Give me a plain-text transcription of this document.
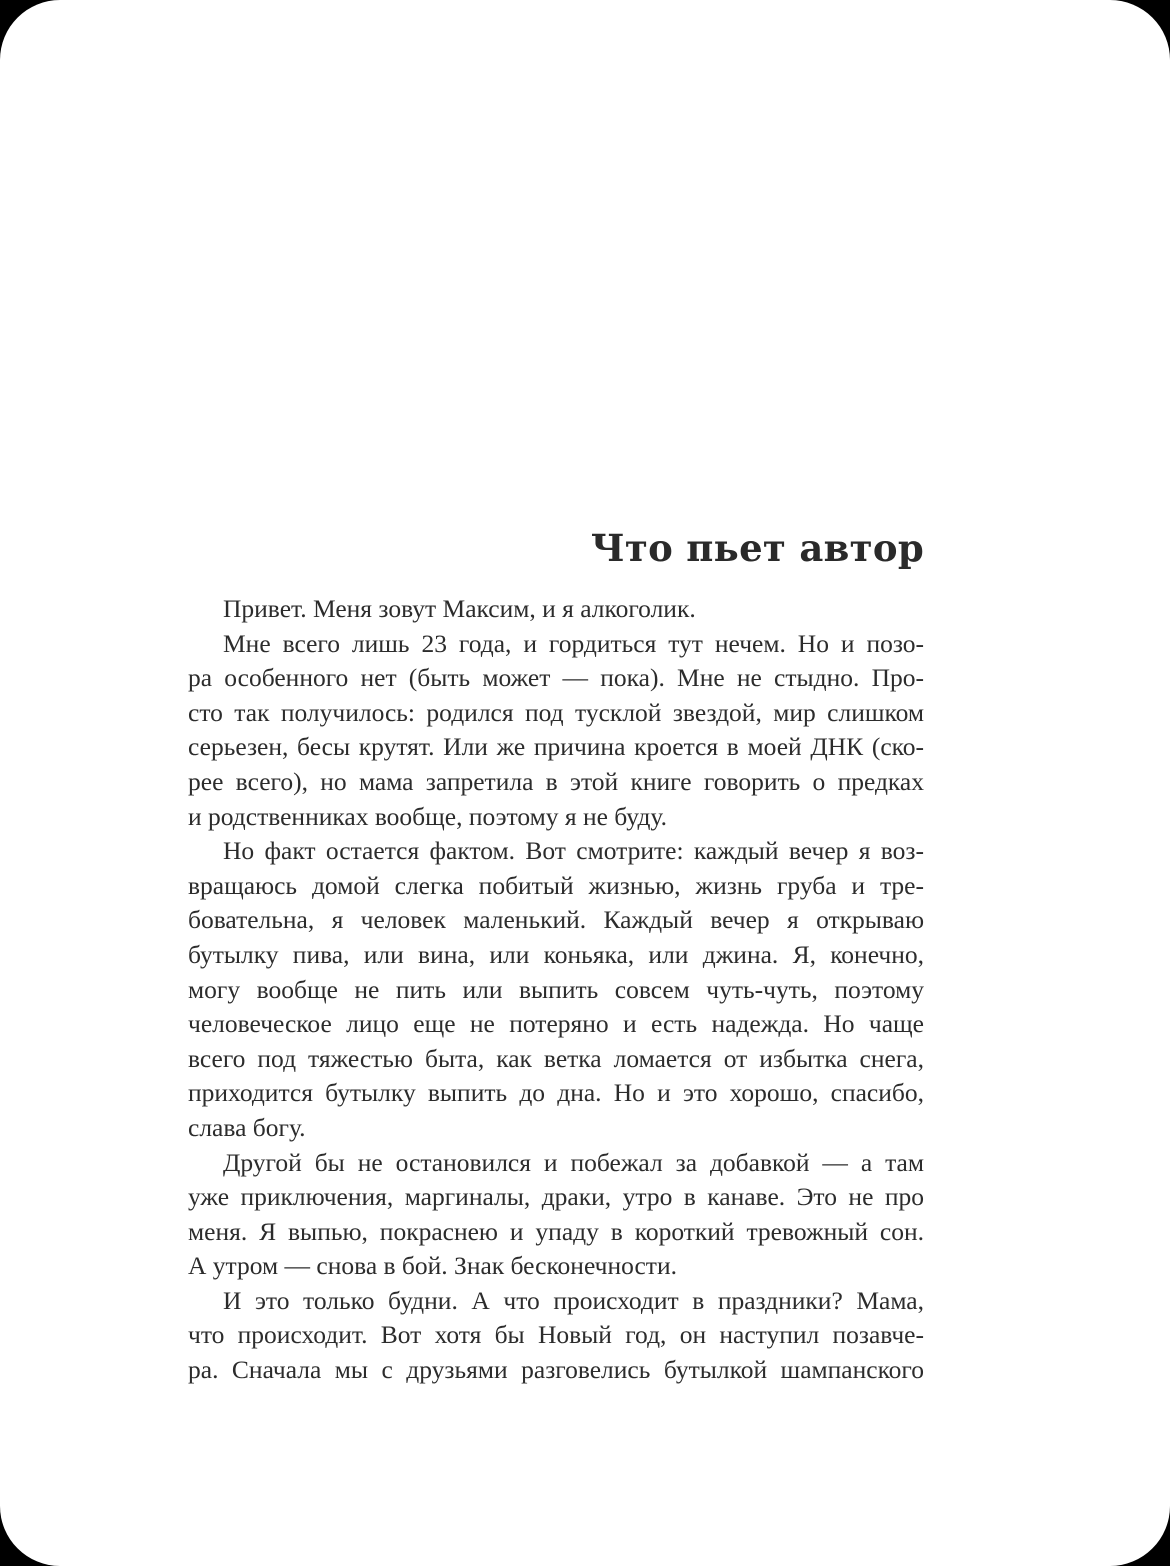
Что пьет автор
Привет. Меня зовут Максим, и я алкоголик.
Мне всего лишь 23 года, и гордиться тут нечем. Но и позо-
ра особенного нет (быть может — пока). Мне не стыдно. Про-
сто так получилось: родился под тусклой звездой, мир слишком
серьезен, бесы крутят. Или же причина кроется в моей ДНК (ско-
рее всего), но мама запретила в этой книге говорить о предках
и родственниках вообще, поэтому я не буду.
Но факт остается фактом. Вот смотрите: каждый вечер я воз-
вращаюсь домой слегка побитый жизнью, жизнь груба и тре-
бовательна, я человек маленький. Каждый вечер я открываю
бутылку пива, или вина, или коньяка, или джина. Я, конечно,
могу вообще не пить или выпить совсем чуть-чуть, поэтому
человеческое лицо еще не потеряно и есть надежда. Но чаще
всего под тяжестью быта, как ветка ломается от избытка снега,
приходится бутылку выпить до дна. Но и это хорошо, спасибо,
слава богу.
Другой бы не остановился и побежал за добавкой — а там
уже приключения, маргиналы, драки, утро в канаве. Это не про
меня. Я выпью, покраснею и упаду в короткий тревожный сон.
А утром — снова в бой. Знак бесконечности.
И это только будни. А что происходит в праздники? Мама,
что происходит. Вот хотя бы Новый год, он наступил позавче-
ра. Сначала мы с друзьями разговелись бутылкой шампанского
